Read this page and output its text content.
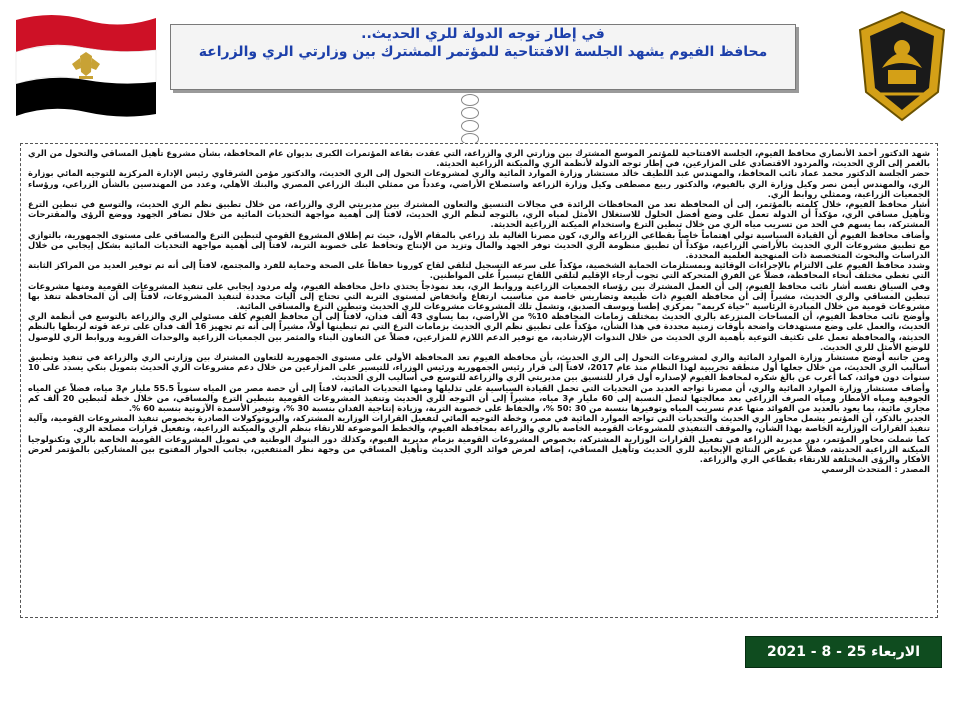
في إطار توجه الدولة للري الحديث..
محافظ الفيوم يشهد الجلسة الافتتاحية للمؤتمر المشترك بين وزارتي الري والزراعة

شهد الدكتور أحمد الأنصاري محافظ الفيوم، الجلسة الافتتاحية للمؤتمر الموسع المشترك بين وزارتي الري والزراعة، التي عقدت بقاعة المؤتمرات الكبرى بديوان عام المحافظة، بشأن مشروع تأهيل المساقي والتحول من الري بالغمر إلى الري الحديث، والمردود الاقتصادي على المزارعين، في إطار توجه الدولة لأنظمة الري والميكنة الزراعية الحديثة.

حضر الجلسة الدكتور محمد عماد نائب المحافظ، والمهندس عبد اللطيف خالد مستشار وزارة الموارد المائية والري لمشروعات التحول إلى الري الحديث، والدكتور مؤمن الشرقاوي رئيس الإدارة المركزية للتوجيه المائي بوزارة الري، والمهندس أيمن نصر وكيل وزارة الري بالفيوم، والدكتور ربيع مصطفى وكيل وزارة الزراعة واستصلاح الأراضي، وعدداً من ممثلي البنك الزراعي المصري والبنك الأهلي، وعدد من المهندسين بالشأن الزراعي، ورؤساء الجمعيات الزراعية، وممثلي روابط الري.

أشار محافظ الفيوم، خلال كلمته بالمؤتمر، إلى أن المحافظة تعد من المحافظات الرائدة في مجالات التنسيق والتعاون المشترك بين مديريتي الري والزراعة، من خلال تطبيق نظم الري الحديث، والتوسع في تبطين الترع وتأهيل مساقي الري، مؤكداً أن الدولة تعمل على وضع أفضل الحلول للاستغلال الأمثل لمياه الري، بالتوجه لنظم الري الحديث، لافتاً إلى أهمية مواجهة التحديات المائية من خلال تضافر الجهود ووضع الرؤى والمقترحات المشتركة، بما يسهم في الحد من تسريب مياه الري من خلال تبطين الترع واستخدام الميكنة الزراعية الحديثة.

وأضاف محافظ الفيوم أن القيادة السياسية تولي اهتماماً خاصاً بقطاعي الزراعة والري، كون مصرنا الغالية بلد زراعي بالمقام الأول، حيث تم إطلاق المشروع القومي لتبطين الترع والمساقي على مستوى الجمهورية، بالتوازي مع تطبيق مشروعات الري الحديث بالأراضي الزراعية، مؤكداً أن تطبيق منظومة الري الحديث توفر الجهد والمال وتزيد من الإنتاج وتحافظ على خصوبة التربة، لافتاً إلى أهمية مواجهة التحديات المائية بشكل إيجابي من خلال الدراسات والبحوث المتخصصة ذات المنهجية العلمية المحددة.

وشدد محافظ الفيوم على الالتزام بالإجراءات الوقائية وبمستلزمات الحماية الشخصية، مؤكداً على سرعة التسجيل لتلقي لقاح كورونا حفاظاً على الصحة وحماية للفرد والمجتمع، لافتاً إلى أنه تم توفير العديد من المراكز الثابتة التي تغطي مختلف أنحاء المحافظة، فضلاً عن الفرق المتحركة التي تجوب أرجاء الإقليم لتلقي اللقاح تيسيراً على المواطنين.

وفي السياق نفسه أشار نائب محافظ الفيوم، إلى أن العمل المشترك بين رؤساء الجمعيات الزراعية وروابط الري، يعد نموذجاً يحتذي داخل محافظة الفيوم، وله مردود إيجابي على تنفيذ المشروعات القومية ومنها مشروعات تبطين المساقي والري الحديث، مشيراً إلى أن محافظة الفيوم ذات طبيعة وتضاريس خاصة من مناسيب ارتفاع وانخفاض لمستوى التربة التي تحتاج إلى آليات محددة لتنفيذ المشروعات، لافتاً إلى أن المحافظة تنفذ بها مشروعات قومية من خلال المبادرة الرئاسية "حياة كريمة" بمركزي إطسا ويوسف الصديق، وتشمل تلك المشروعات مشروعات للري الحديث وتبطين الترع والمساقي المائية.

وأوضح نائب محافظ الفيوم، أن المساحات المنزرعة بالري الحديث بمختلف زمامات المحافظة 10% من الأراضي، بما يساوي 43 ألف فدان، لافتاً إلى أن محافظ الفيوم كلف مسئولي الري والزراعة بالتوسع في أنظمة الري الحديث، والعمل على وضع مستهدفات واضحة بأوقات زمنية محددة في هذا الشأن، مؤكداً على تطبيق نظم الري الحديث بزمامات الترع التي تم تبطينها أولاً، مشيراً إلى أنه تم تجهيز 16 ألف فدان على ترعة قوته لربطها بالنظم الحديثة، والمحافظة تعمل على تكثيف التوعية بأهمية الري الحديث من خلال الندوات الإرشادية، مع توفير الدعم اللازم للمزارعين، فضلاً عن التعاون البناء والمثمر بين الجمعيات الزراعية والوحدات القروية وروابط الري للوصول للوضع الأمثل للري الحديث.

ومن جانبه أوضح مستشار وزارة الموارد المائية والري لمشروعات التحول إلى الري الحديث، بأن محافظة الفيوم تعد المحافظة الأولى على مستوى الجمهورية للتعاون المشترك بين وزارتي الري والزراعة في تنفيذ وتطبيق أساليب الري الحديث، من خلال جعلها أول منطقة تجريبية لهذا النظام منذ عام 2017، لافتاً إلى قرار رئيس الجمهورية ورئيس الوزراء، للتيسير على المزارعين من خلال دعم مشروعات الري الحديث بتمويل بنكي يسدد على 10 سنوات دون فوائد، كما أعرب عن بالغ شكره لمحافظ الفيوم لإصداره أول قرار للتنسيق بين مديريتي الري والزراعة للتوسع في أساليب الري الحديث.

وأضاف مستشار وزارة الموارد المائية والري، أن مصرنا تواجه العديد من التحديات التي تحمل القيادة السياسية على تذليلها ومنها التحديات المائية، لافتاً إلى أن حصة مصر من المياه سنوياً 55.5 مليار م3 مياه، فضلاً عن المياه الجوفية ومياه الأمطار ومياه الصرف الزراعي بعد معالجتها لتصل النسبة إلى 60 مليار م3 مياه، مشيراً إلى أن التوجه للري الحديث وتنفيذ المشروعات القومية بتبطين الترع والمساقي، من خلال خطة لتبطين 20 ألف كم مجاري مائية، بما يعود بالعديد من الفوائد منها عدم تسريب المياه وتوفيرها بنسبة من 30 :50 %، والحفاظ على خصوبة التربة، وزيادة إنتاجية الفدان بنسبة 30 %، وتوفير الأسمدة الآزوتية بنسبة 60 %.

الجدير بالذكر، أن المؤتمر يشمل محاور الري الحديث والتحديات التي تواجه الموارد المائية في مصر، وخطة التوجيه المائي لتفعيل القرارات الوزارية المشتركة، والبروتوكولات الصادرة بخصوص تنفيذ المشروعات القومية، وآلية تنفيذ القرارات الوزارية الخاصة بهذا الشأن، والموقف التنفيذي للمشروعات القومية الخاصة بالري والزراعة بمحافظة الفيوم، والخطط الموضوعة للارتقاء بنظم الري والميكنة الزراعية، وتفعيل قرارات مصلحة الري.

كما شملت محاور المؤتمر، دور مديرية الزراعة في تفعيل القرارات الوزارية المشتركة، بخصوص المشروعات القومية بزمام مديرية الفيوم، وكذلك دور البنوك الوطنية في تمويل المشروعات القومية الخاصة بالري وتكنولوجيا الميكنة الزراعية الحديثة، فضلاً عن عرض النتائج الإيجابية للري الحديث وتأهيل المساقي، إضافة لعرض فوائد الري الحديث وتأهيل المساقي من وجهة نظر المنتفعين، بجانب الحوار المفتوح بين المشاركين بالمؤتمر لعرض الأفكار والرؤى المختلفة للارتقاء بقطاعي الري والزراعة.

المصدر : المتحدث الرسمي

الاربعاء 25 - 8 - 2021
